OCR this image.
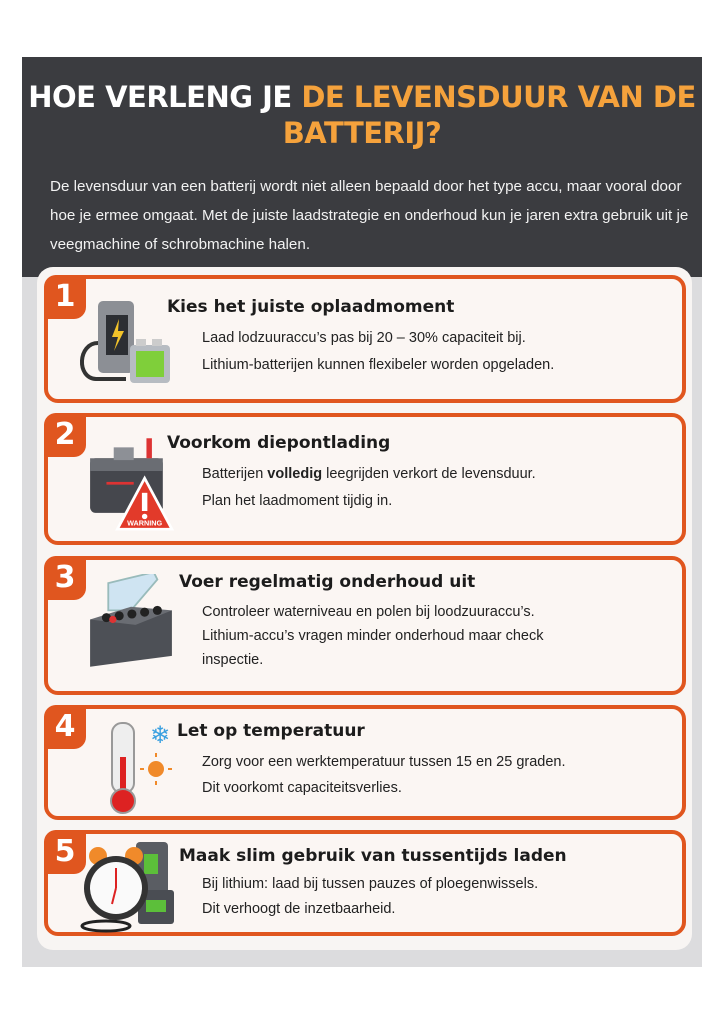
HOE VERLENG JE DE LEVENSDUUR VAN DE BATTERIJ?
De levensduur van een batterij wordt niet alleen bepaald door het type accu, maar vooral door hoe je ermee omgaat. Met de juiste laadstrategie en onderhoud kun je jaren extra gebruik uit je veegmachine of schrobmachine halen.
1	Kies het juiste oplaadmoment
Laad lodzuuraccu’s pas bij 20 – 30% capaciteit bij.
Lithium-batterijen kunnen flexibeler worden opgeladen.
2
WARNING
Voorkom diepontlading
Batterijen volledig leegrijden verkort de levensduur.
Plan het laadmoment tijdig in.
3	Voer regelmatig onderhoud uit
Controleer waterniveau en polen bij loodzuuraccu’s.
Lithium-accu’s vragen minder onderhoud maar check
inspectie.
4	❄ Let op temperatuur
Zorg voor een werktemperatuur tussen 15 en 25 graden.
Dit voorkomt capaciteitsverlies.
5	Maak slim gebruik van tussentijds laden
Bij lithium: laad bij tussen pauzes of ploegenwissels.
Dit verhoogt de inzetbaarheid.
